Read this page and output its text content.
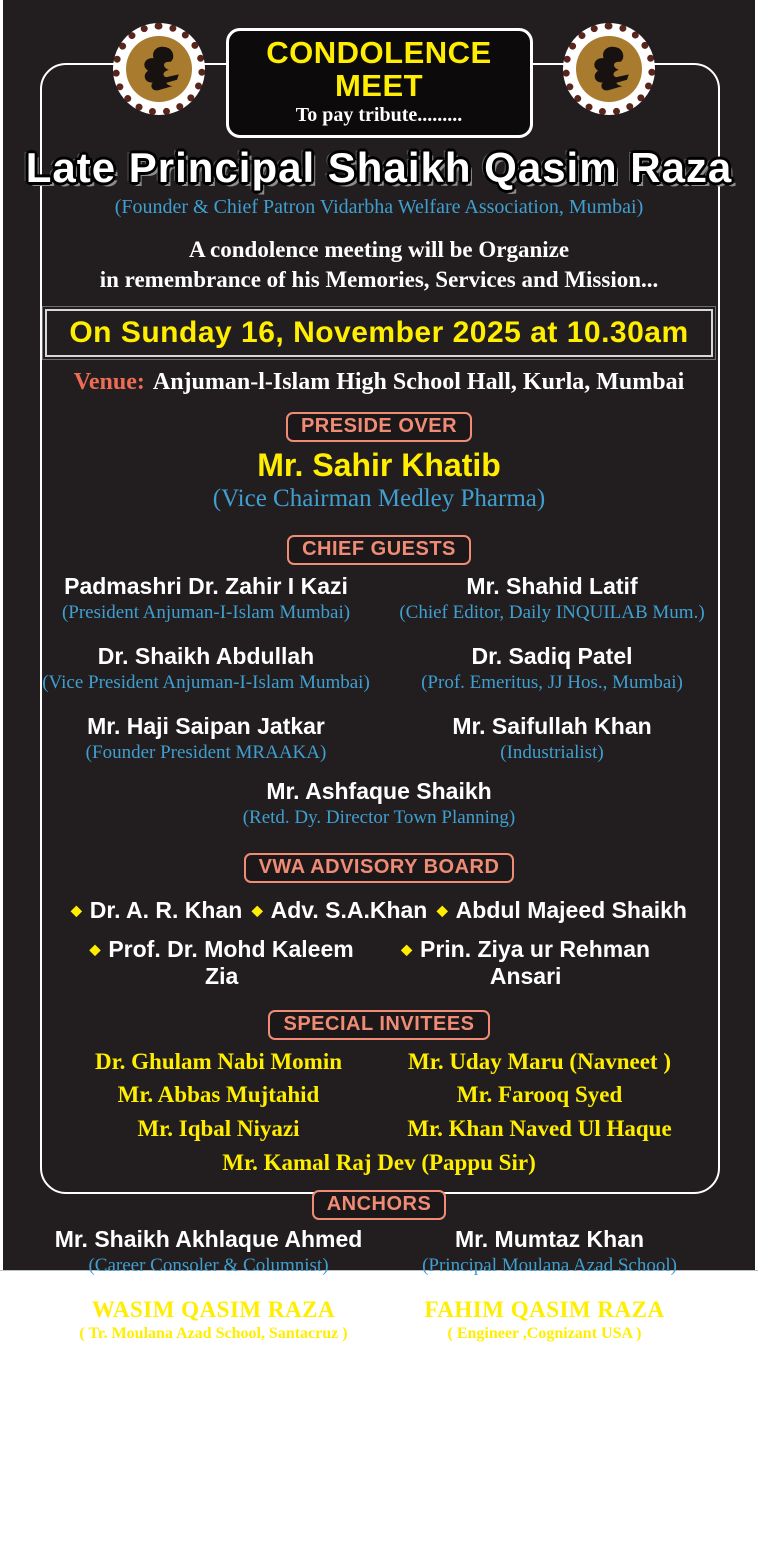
CONDOLENCE MEET
To pay tribute.........
Late Principal Shaikh Qasim Raza
(Founder & Chief Patron Vidarbha Welfare Association, Mumbai)
A condolence meeting will be Organize
in remembrance of his Memories, Services and Mission...
On Sunday 16, November 2025 at 10.30am
Venue: Anjuman-l-Islam High School Hall, Kurla, Mumbai
PRESIDE OVER
Mr. Sahir Khatib
(Vice Chairman Medley Pharma)
CHIEF GUESTS
Padmashri Dr. Zahir I Kazi
(President Anjuman-I-Islam Mumbai)
Mr. Shahid Latif
(Chief Editor, Daily INQUILAB Mum.)
Dr. Shaikh Abdullah
(Vice President Anjuman-I-Islam Mumbai)
Dr. Sadiq Patel
(Prof. Emeritus, JJ Hos., Mumbai)
Mr. Haji Saipan Jatkar
(Founder President MRAAKA)
Mr. Saifullah Khan
(Industrialist)
Mr. Ashfaque Shaikh
(Retd. Dy. Director Town Planning)
VWA ADVISORY BOARD
◆ Dr. A. R. Khan ◆ Adv. S.A.Khan ◆ Abdul Majeed Shaikh
◆ Prof. Dr. Mohd Kaleem Zia
◆ Prin. Ziya ur Rehman Ansari
SPECIAL INVITEES
Dr. Ghulam Nabi Momin	Mr. Uday Maru (Navneet )
Mr. Abbas Mujtahid	Mr. Farooq Syed
Mr. Iqbal Niyazi	Mr. Khan Naved Ul Haque
Mr. Kamal Raj Dev (Pappu Sir)
ANCHORS
Mr. Shaikh Akhlaque Ahmed
(Career Consoler & Columnist)
Mr. Mumtaz Khan
(Principal Moulana Azad School)
WASIM QASIM RAZA
( Tr. Moulana Azad School, Santacruz )
FAHIM QASIM RAZA
( Engineer ,Cognizant USA )
ORGANIZED BY
Mohibban-e-Qasim Raza & Vidarbha Welfare Association, Mumbai
Dr. Nazimuddin Quazi (President VWA)
Mahmood Shaikh ( Vice President VWA) ● Sayyed Nasir Ali (Secretary VWA)
